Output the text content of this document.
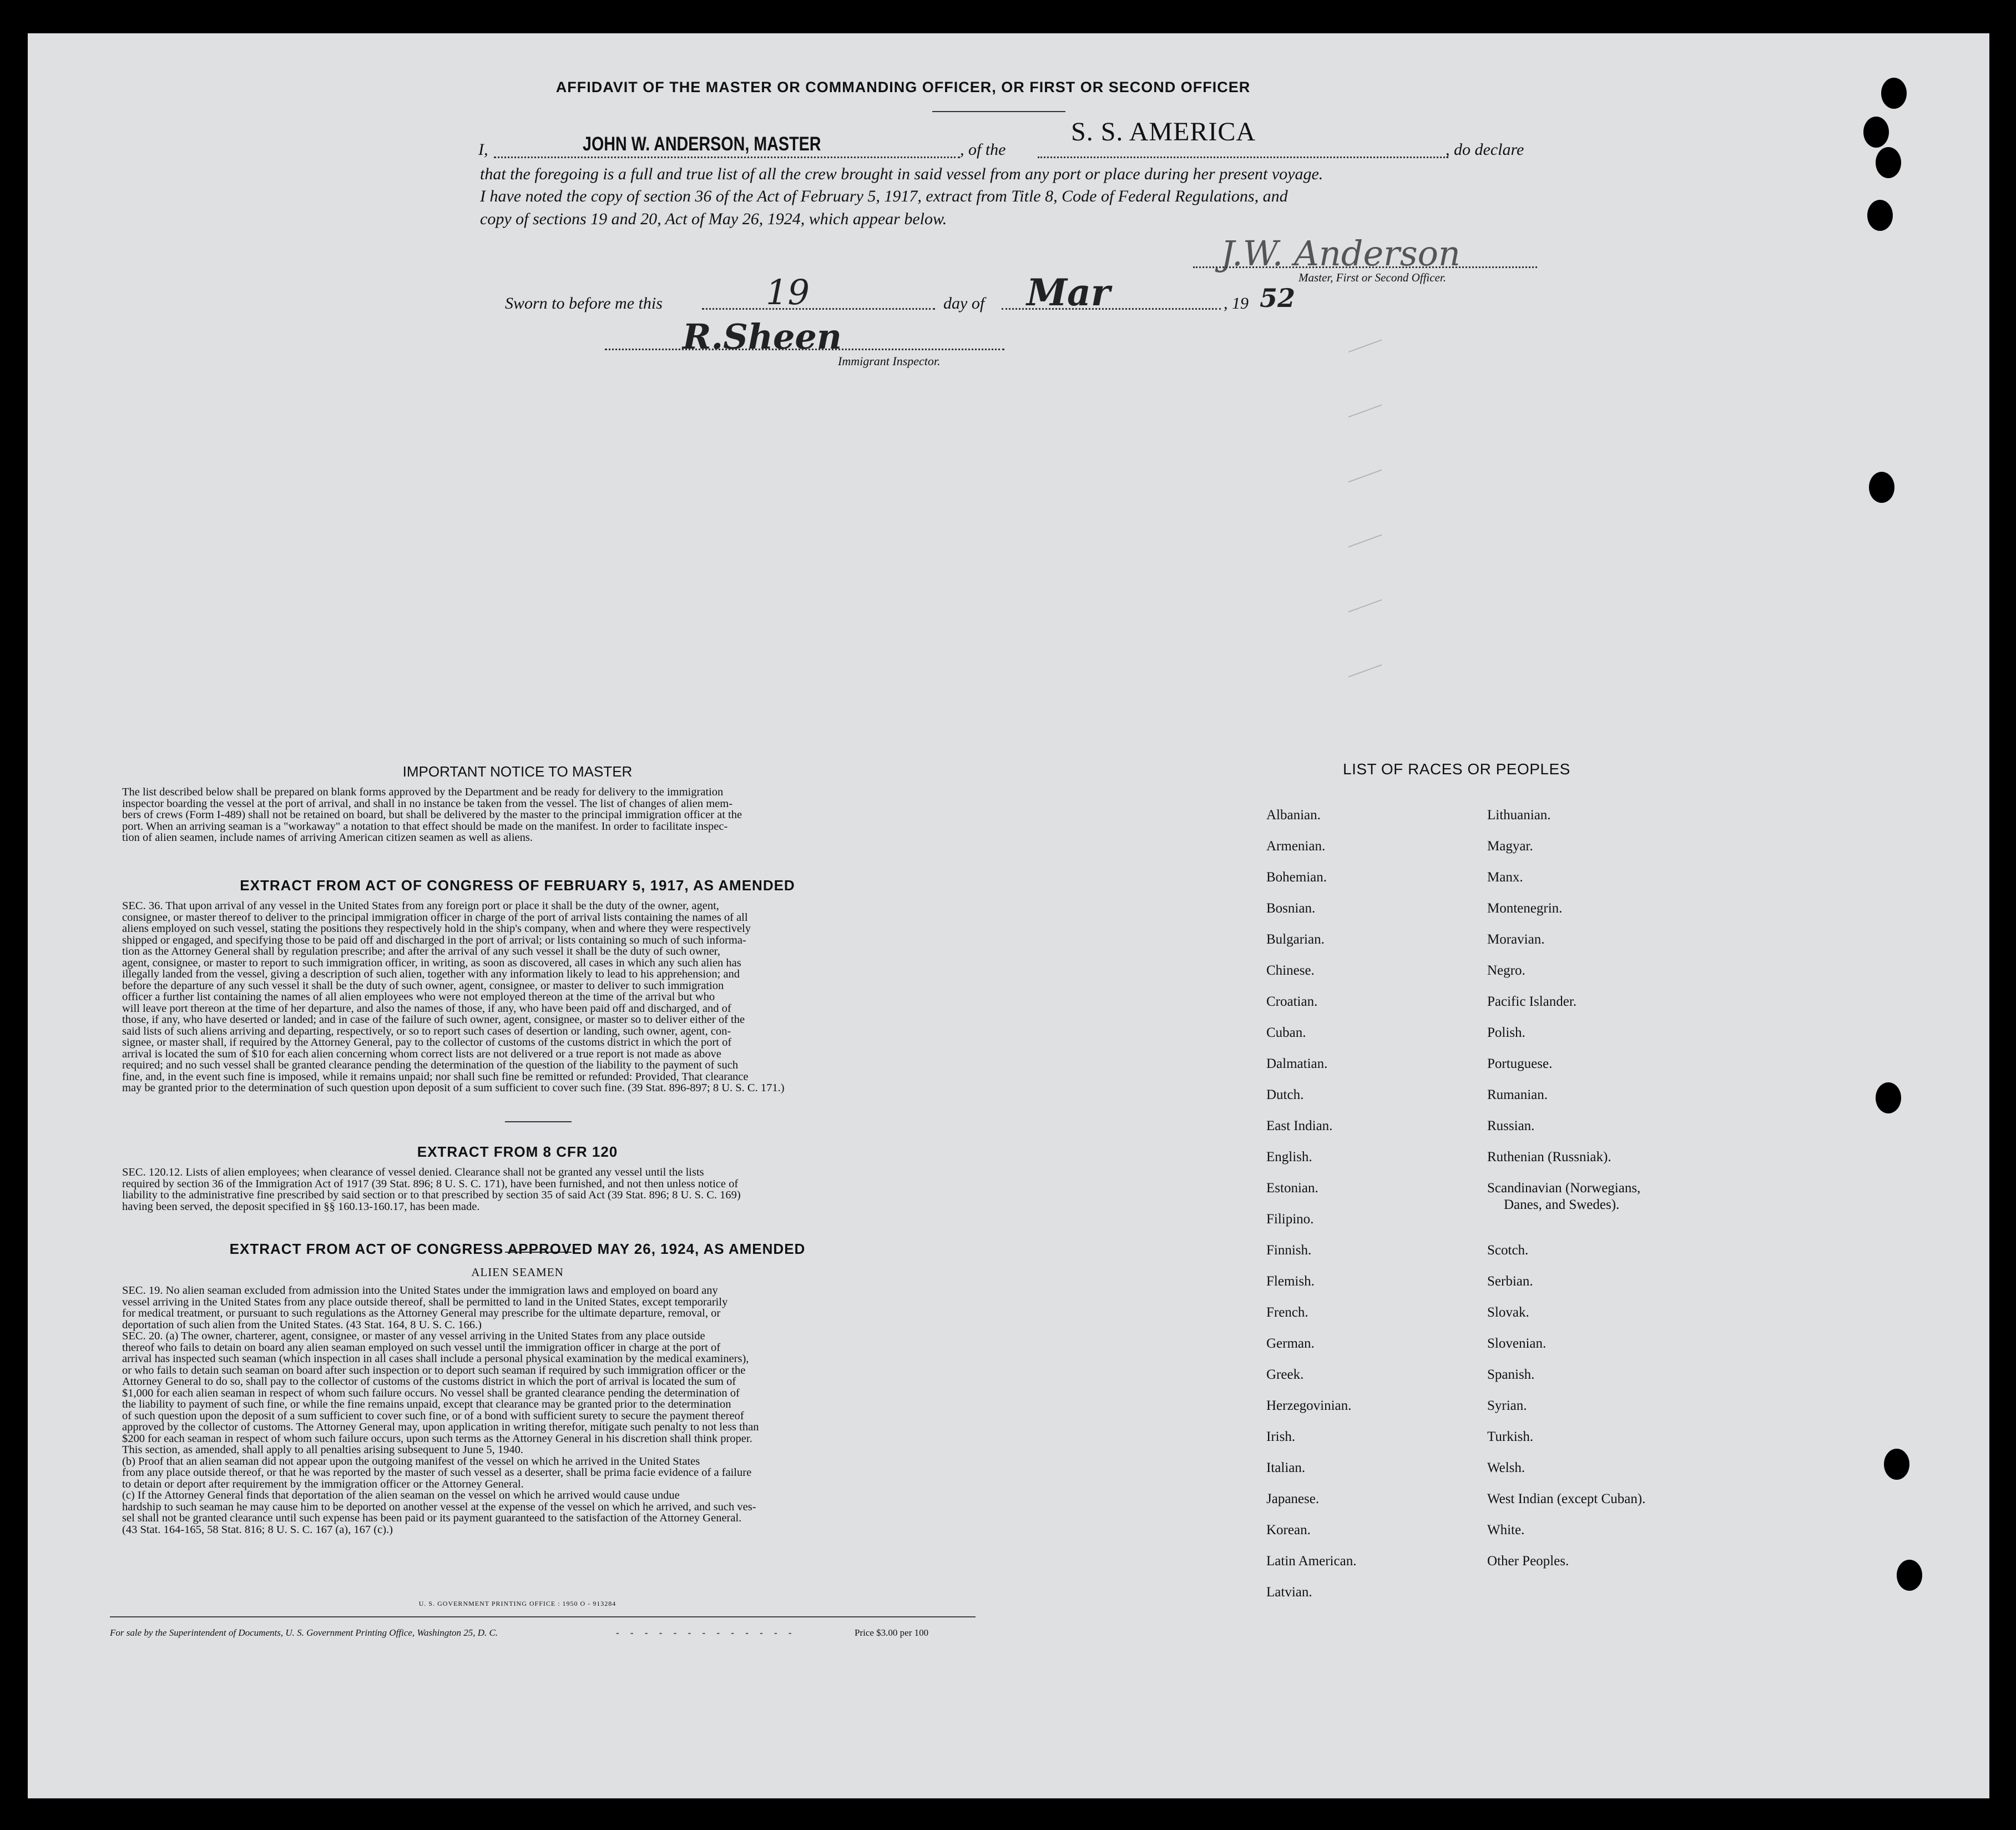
AFFIDAVIT OF THE MASTER OR COMMANDING OFFICER, OR FIRST OR SECOND OFFICER
I,	JOHN W. ANDERSON, MASTER	, of the
S. S. AMERICA
, do declare
that the foregoing is a full and true list of all the crew brought in said vessel from any port or place during her present voyage.
I have noted the copy of section 36 of the Act of February 5, 1917, extract from Title 8, Code of Federal Regulations, and
copy of sections 19 and 20, Act of May 26, 1924, which appear below.
J.W. Anderson
Master, First or Second Officer.
Sworn to before me this	19	day of Mar	, 19 52
R.Sheen
Immigrant Inspector.
IMPORTANT NOTICE TO MASTER
The list described below shall be prepared on blank forms approved by the Department and be ready for delivery to the immigration
inspector boarding the vessel at the port of arrival, and shall in no instance be taken from the vessel. The list of changes of alien mem-
bers of crews (Form I-489) shall not be retained on board, but shall be delivered by the master to the principal immigration officer at the
port. When an arriving seaman is a "workaway" a notation to that effect should be made on the manifest. In order to facilitate inspec-
tion of alien seamen, include names of arriving American citizen seamen as well as aliens.
EXTRACT FROM ACT OF CONGRESS OF FEBRUARY 5, 1917, AS AMENDED
SEC. 36. That upon arrival of any vessel in the United States from any foreign port or place it shall be the duty of the owner, agent,
consignee, or master thereof to deliver to the principal immigration officer in charge of the port of arrival lists containing the names of all
aliens employed on such vessel, stating the positions they respectively hold in the ship's company, when and where they were respectively
shipped or engaged, and specifying those to be paid off and discharged in the port of arrival; or lists containing so much of such informa-
tion as the Attorney General shall by regulation prescribe; and after the arrival of any such vessel it shall be the duty of such owner,
agent, consignee, or master to report to such immigration officer, in writing, as soon as discovered, all cases in which any such alien has
illegally landed from the vessel, giving a description of such alien, together with any information likely to lead to his apprehension; and
before the departure of any such vessel it shall be the duty of such owner, agent, consignee, or master to deliver to such immigration
officer a further list containing the names of all alien employees who were not employed thereon at the time of the arrival but who
will leave port thereon at the time of her departure, and also the names of those, if any, who have been paid off and discharged, and of
those, if any, who have deserted or landed; and in case of the failure of such owner, agent, consignee, or master so to deliver either of the
said lists of such aliens arriving and departing, respectively, or so to report such cases of desertion or landing, such owner, agent, con-
signee, or master shall, if required by the Attorney General, pay to the collector of customs of the customs district in which the port of
arrival is located the sum of $10 for each alien concerning whom correct lists are not delivered or a true report is not made as above
required; and no such vessel shall be granted clearance pending the determination of the question of the liability to the payment of such
fine, and, in the event such fine is imposed, while it remains unpaid; nor shall such fine be remitted or refunded: Provided, That clearance
may be granted prior to the determination of such question upon deposit of a sum sufficient to cover such fine. (39 Stat. 896-897; 8 U. S. C. 171.)
EXTRACT FROM 8 CFR 120
SEC. 120.12. Lists of alien employees; when clearance of vessel denied. Clearance shall not be granted any vessel until the lists
required by section 36 of the Immigration Act of 1917 (39 Stat. 896; 8 U. S. C. 171), have been furnished, and not then unless notice of
liability to the administrative fine prescribed by said section or to that prescribed by section 35 of said Act (39 Stat. 896; 8 U. S. C. 169)
having been served, the deposit specified in §§ 160.13-160.17, has been made.
EXTRACT FROM ACT OF CONGRESS APPROVED MAY 26, 1924, AS AMENDED
ALIEN SEAMEN
SEC. 19. No alien seaman excluded from admission into the United States under the immigration laws and employed on board any
vessel arriving in the United States from any place outside thereof, shall be permitted to land in the United States, except temporarily
for medical treatment, or pursuant to such regulations as the Attorney General may prescribe for the ultimate departure, removal, or
deportation of such alien from the United States. (43 Stat. 164, 8 U. S. C. 166.)
SEC. 20. (a) The owner, charterer, agent, consignee, or master of any vessel arriving in the United States from any place outside
thereof who fails to detain on board any alien seaman employed on such vessel until the immigration officer in charge at the port of
arrival has inspected such seaman (which inspection in all cases shall include a personal physical examination by the medical examiners),
or who fails to detain such seaman on board after such inspection or to deport such seaman if required by such immigration officer or the
Attorney General to do so, shall pay to the collector of customs of the customs district in which the port of arrival is located the sum of
$1,000 for each alien seaman in respect of whom such failure occurs. No vessel shall be granted clearance pending the determination of
the liability to payment of such fine, or while the fine remains unpaid, except that clearance may be granted prior to the determination
of such question upon the deposit of a sum sufficient to cover such fine, or of a bond with sufficient surety to secure the payment thereof
approved by the collector of customs. The Attorney General may, upon application in writing therefor, mitigate such penalty to not less than
$200 for each seaman in respect of whom such failure occurs, upon such terms as the Attorney General in his discretion shall think proper.
This section, as amended, shall apply to all penalties arising subsequent to June 5, 1940.
(b) Proof that an alien seaman did not appear upon the outgoing manifest of the vessel on which he arrived in the United States
from any place outside thereof, or that he was reported by the master of such vessel as a deserter, shall be prima facie evidence of a failure
to detain or deport after requirement by the immigration officer or the Attorney General.
(c) If the Attorney General finds that deportation of the alien seaman on the vessel on which he arrived would cause undue
hardship to such seaman he may cause him to be deported on another vessel at the expense of the vessel on which he arrived, and such ves-
sel shall not be granted clearance until such expense has been paid or its payment guaranteed to the satisfaction of the Attorney General.
(43 Stat. 164-165, 58 Stat. 816; 8 U. S. C. 167 (a), 167 (c).)
U. S. GOVERNMENT PRINTING OFFICE : 1950 O - 913284
For sale by the Superintendent of Documents, U. S. Government Printing Office, Washington 25, D. C.	- - - - - - - - - - - - -	Price $3.00 per 100
LIST OF RACES OR PEOPLES
Albanian.
Armenian.
Bohemian.
Bosnian.
Bulgarian.
Chinese.
Croatian.
Cuban.
Dalmatian.
Dutch.
East Indian.
English.
Estonian.
Filipino.
Finnish.
Flemish.
French.
German.
Greek.
Herzegovinian.
Irish.
Italian.
Japanese.
Korean.
Latin American.
Latvian.
Lithuanian.
Magyar.
Manx.
Montenegrin.
Moravian.
Negro.
Pacific Islander.
Polish.
Portuguese.
Rumanian.
Russian.
Ruthenian (Russniak).
Scandinavian (Norwegians,
Danes, and Swedes).
Scotch.
Serbian.
Slovak.
Slovenian.
Spanish.
Syrian.
Turkish.
Welsh.
West Indian (except Cuban).
White.
Other Peoples.
